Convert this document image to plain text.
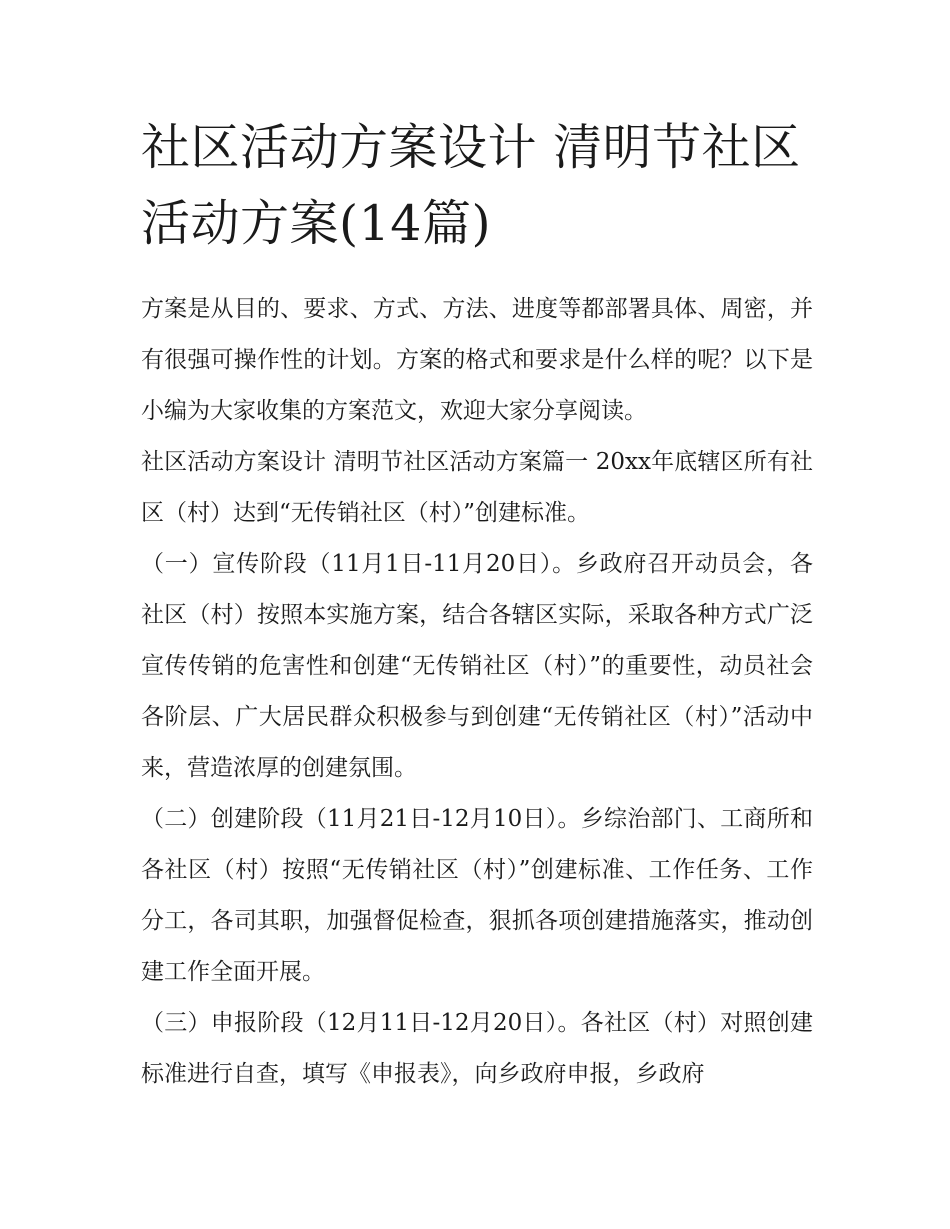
社区活动方案设计 清明节社区活动方案(14篇)

方案是从目的、要求、方式、方法、进度等都部署具体、周密，并有很强可操作性的计划。方案的格式和要求是什么样的呢？以下是小编为大家收集的方案范文，欢迎大家分享阅读。

社区活动方案设计 清明节社区活动方案篇一 20xx年底辖区所有社区（村）达到“无传销社区（村）”创建标准。

（一）宣传阶段（11月1日-11月20日）。乡政府召开动员会，各社区（村）按照本实施方案，结合各辖区实际，采取各种方式广泛宣传传销的危害性和创建“无传销社区（村）”的重要性，动员社会各阶层、广大居民群众积极参与到创建“无传销社区（村）”活动中来，营造浓厚的创建氛围。

（二）创建阶段（11月21日-12月10日）。乡综治部门、工商所和各社区（村）按照“无传销社区（村）”创建标准、工作任务、工作分工，各司其职，加强督促检查，狠抓各项创建措施落实，推动创建工作全面开展。

（三）申报阶段（12月11日-12月20日）。各社区（村）对照创建标准进行自查，填写《申报表》，向乡政府申报，乡政府
